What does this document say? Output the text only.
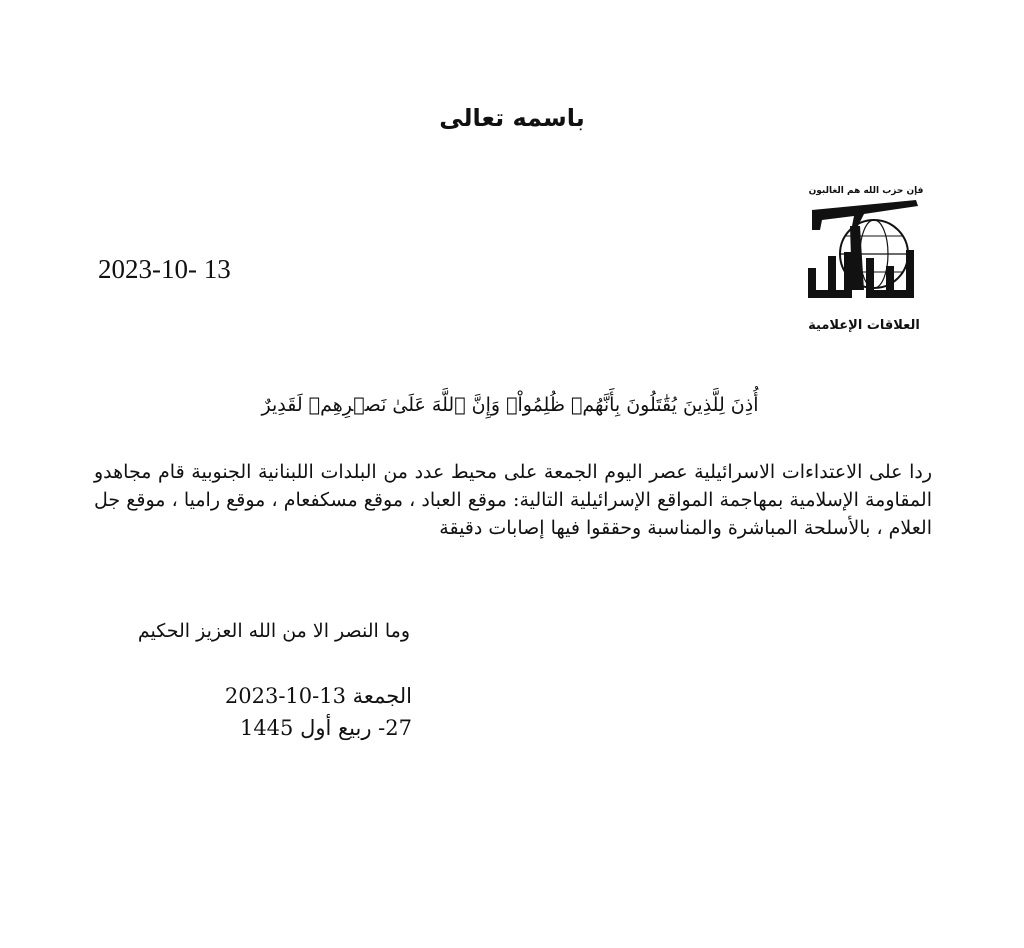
باسمه تعالى
2023-10- 13
فإن حزب الله هم الغالبون
العلاقات الإعلامية
أُذِنَ لِلَّذِينَ يُقَٰتَلُونَ بِأَنَّهُمۡ ظُلِمُواْۚ وَإِنَّ ٱللَّهَ عَلَىٰ نَصۡرِهِمۡ لَقَدِيرٌ
ردا على الاعتداءات الاسرائيلية عصر اليوم الجمعة على محيط عدد من البلدات اللبنانية الجنوبية قام مجاهدو المقاومة الإسلامية بمهاجمة المواقع الإسرائيلية التالية: موقع العباد ، موقع مسكفعام ، موقع راميا ، موقع جل العلام ، بالأسلحة المباشرة والمناسبة وحققوا فيها إصابات دقيقة
وما النصر الا من الله العزيز الحكيم
الجمعة 13-10-2023
27- ربيع أول 1445
